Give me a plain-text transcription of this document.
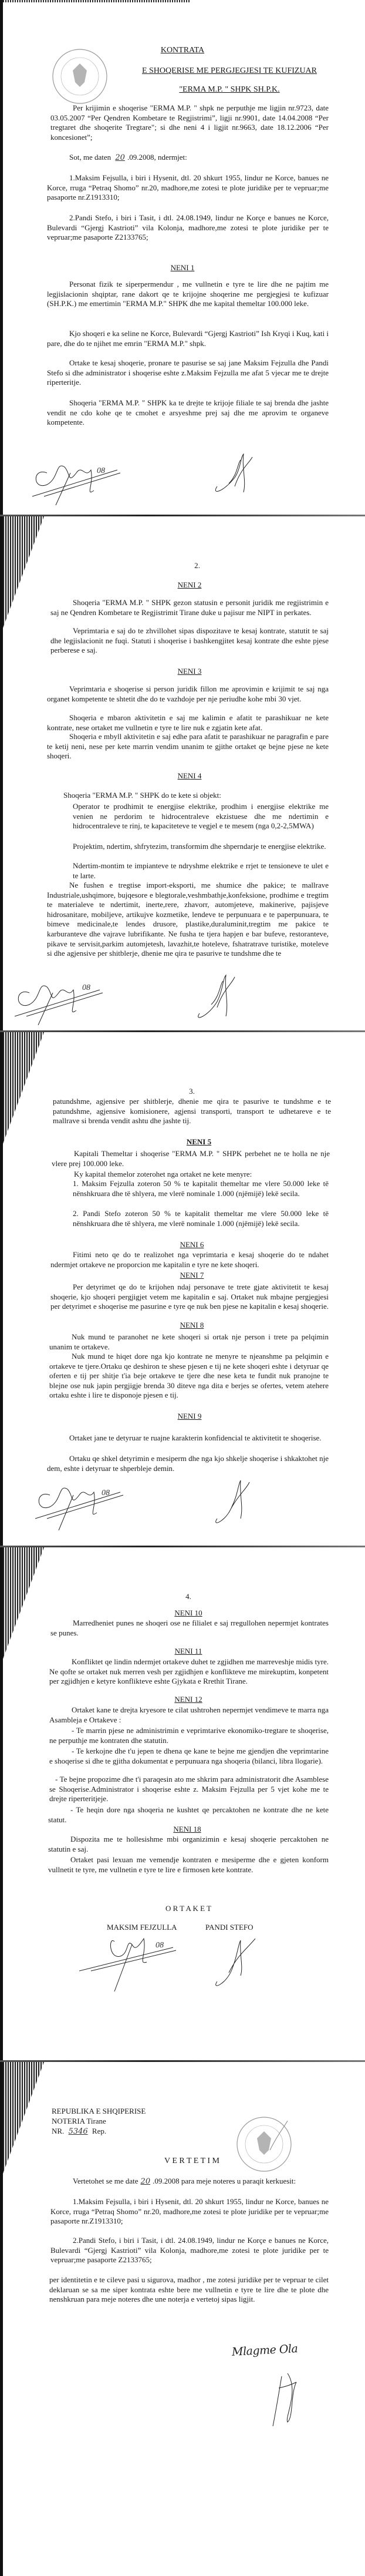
KONTRATA
E SHOQERISE ME PERGJEGJESI TE KUFIZUAR
"ERMA M.P. " SHPK SH.P.K.
Per krijimin e shoqerise "ERMA M.P. " shpk ne perputhje me ligjin nr.9723, date 03.05.2007 “Per Qendren Kombetare te Regjistrimi”, ligji nr.9901, date 14.04.2008 “Per tregtaret dhe shoqerite Tregtare"; si dhe neni 4 i ligjit nr.9663, date 18.12.2006 “Per koncesionet”;
Sot, me daten 20 .09.2008, ndermjet:
1.Maksim Fejsulla, i biri i Hysenit, dtl. 20 shkurt 1955, lindur ne Korce, banues ne Korce, rruga “Petraq Shomo” nr.20, madhore,me zotesi te plote juridike per te vepruar;me pasaporte nr.Z1913310;
2.Pandi Stefo, i biri i Tasit, i dtl. 24.08.1949, lindur ne Korçe e banues ne Korce, Bulevardi “Gjergj Kastrioti” vila Kolonja, madhore,me zotesi te plote juridike per te vepruar;me pasaporte Z2133765;
NENI 1
Personat fizik te siperpermendur , me vullnetin e tyre te lire dhe ne pajtim me legjislacionin shqiptar, rane dakort qe te krijojne shoqerine me pergjegjesi te kufizuar (SH.P.K.) me emertimin "ERMA M.P." SHPK dhe me kapital themeltar 100.000 leke.
Kjo shoqeri e ka seline ne Korce, Bulevardi “Gjergj Kastrioti” Ish Kryqi i Kuq, kati i pare, dhe do te njihet me emrin "ERMA M.P." shpk.
Ortake te kesaj shoqerie, pronare te pasurise se saj jane Maksim Fejzulla dhe Pandi Stefo si dhe administrator i shoqerise eshte z.Maksim Fejzulla me afat 5 vjecar me te drejte riperteritje.
Shoqeria "ERMA M.P. " SHPK ka te drejte te krijoje filiale te saj brenda dhe jashte vendit ne cdo kohe qe te cmohet e arsyeshme prej saj dhe me aprovim te organeve kompetente.
08
2.
NENI 2
Shoqeria "ERMA M.P. " SHPK gezon statusin e personit juridik me regjistrimin e saj ne Qendren Kombetare te Regjistrimit Tirane duke u pajisur me NIPT in perkates.
Veprimtaria e saj do te zhvillohet sipas dispozitave te kesaj kontrate, statutit te saj dhe legjislacionit ne fuqi. Statuti i shoqerise i bashkengjitet kesaj kontrate dhe eshte pjese perberese e saj.
NENI 3
Veprimtaria e shoqerise si person juridik fillon me aprovimin e krijimit te saj nga organet kompetente te shtetit dhe do te vazhdoje per nje periudhe kohe mbi 30 vjet.
Shoqeria e mbaron aktivitetin e saj me kalimin e afatit te parashikuar ne kete kontrate, nese ortaket me vullnetin e tyre te lire nuk e zgjatin kete afat.
Shoqeria e mbyll aktivitetin e saj edhe para afatit te parashikuar ne paragrafin e pare te ketij neni, nese per kete marrin vendim unanim te gjithe ortaket qe bejne pjese ne kete shoqeri.
NENI 4
Shoqeria "ERMA M.P. " SHPK do te kete si objekt:
Operator te prodhimit te energjise elektrike, prodhim i energjise elektrike me venien ne perdorim te hidrocentraleve ekzistuese dhe me ndertimin e hidrocentraleve te rinj, te kapaciteteve te vegjel e te mesem (nga 0,2-2,5MWA)
Projektim, ndertim, shfrytezim, transformim dhe shperndarje te energjise elektrike.
Ndertim-montim te impianteve te ndryshme elektrike e rrjet te tensioneve te ulet e te larte.
Ne fushen e tregtise import-eksporti, me shumice dhe pakice; te mallrave Industriale,ushqimore, bujqesore e blegtorale,veshmbathje,konfeksione, prodhime e tregtim te materialeve te ndertimit, inerte,rere, zhavorr, automjeteve, makinerive, pajisjeve hidrosanitare, mobiljeve, artikujve kozmetike, lendeve te perpunuara e te paperpunuara, te bimeve medicinale,te lendes drusore, plastike,duraluminit,tregtim me pakice te karburanteve dhe vajrave lubrifikante. Ne fusha te tjera hapjen e bar bufeve, restoranteve, pikave te servisit,parkim automjetesh, lavazhit,te hoteleve, fshatratrave turistike, moteleve si dhe agjensive per shitblerje, dhenie me qira te pasurive te tundshme dhe te
08
3.
patundshme, agjensive per shitblerje, dhenie me qira te pasurive te tundshme e te patundshme, agjensive komisionere, agjensi transporti, transport te udhetareve e te mallrave si brenda vendit ashtu dhe jashte tij.
NENI 5
Kapitali Themeltar i shoqerise "ERMA M.P. " SHPK perbehet ne te holla ne nje vlere prej 100.000 leke.
Ky kapital themelor zoterohet nga ortaket ne kete menyre:
1. Maksim Fejzulla zoteron 50 % te kapitalit themeltar me vlere 50.000 leke të nënshkruara dhe të shlyera, me vlerë nominale 1.000 (njëmijë) lekë secila.
2. Pandi Stefo zoteron 50 % te kapitalit themeltar me vlere 50.000 leke të nënshkruara dhe të shlyera, me vlerë nominale 1.000 (njëmijë) lekë secila.
NENI 6
Fitimi neto qe do te realizohet nga veprimtaria e kesaj shoqerie do te ndahet ndermjet ortakeve ne proporcion me kapitalin e tyre ne kete shoqeri.
NENI 7
Per detyrimet qe do te krijohen ndaj personave te trete gjate aktivitetit te kesaj shoqerie, kjo shoqeri pergjigjet vetem me kapitalin e saj. Ortaket nuk mbajne pergjegjesi per detyrimet e shoqerise me pasurine e tyre qe nuk ben pjese ne kapitalin e kesaj shoqerie.
NENI 8
Nuk mund te paranohet ne kete shoqeri si ortak nje person i trete pa pelqimin unanim te ortakeve.
Nuk mund te hiqet dore nga kjo kontrate ne menyre te njeanshme pa pelqimin e ortakeve te tjere.Ortaku qe deshiron te shese pjesen e tij ne kete shoqeri eshte i detyruar qe oferten e tij per shitje t'ia beje ortakeve te tjere dhe nese keta te fundit nuk pranojne te blejne ose nuk japin pergjigje brenda 30 diteve nga dita e berjes se ofertes, vetem atehere ortaku eshte i lire te disponoje pjesen e tij.
NENI 9
Ortaket jane te detyruar te ruajne karakterin konfidencial te aktivitetit te shoqerise.
Ortaku qe shkel detyrimin e mesiperm dhe nga kjo shkelje shoqerise i shkaktohet nje dem, eshte i detyruar te shperbleje demin.
08
4.
NENI 10
Marredheniet punes ne shoqeri ose ne filialet e saj rregullohen nepermjet kontrates se punes.
NENI 11
Konfliktet qe lindin ndermjet ortakeve duhet te zgjidhen me marreveshje midis tyre. Ne qofte se ortaket nuk merren vesh per zgjidhjen e konflikteve me mirekuptim, konpetent per zgjidhjen e ketyre konflikteve eshte Gjykata e Rrethit Tirane.
NENI 12
Ortaket kane te drejta kryesore te cilat ushtrohen nepermjet vendimeve te marra nga Asambleja e Ortakeve :
- Te marrin pjese ne administrimin e veprimtarive ekonomiko-tregtare te shoqerise, ne perputhje me kontraten dhe statutin.
- Te kerkojne dhe t'u jepen te dhena qe kane te bejne me gjendjen dhe veprimtarine e shoqerise si dhe te gjitha dokumentat e perpunuara nga shoqeria (bilanci, libra llogarie).
- Te bejne propozime dhe t'i paraqesin ato me shkrim para administratorit dhe Asamblese se Shoqerise.Administrator i shoqerise eshte z. Maksim Fejzulla per 5 vjet kohe me te drejte riperteritjeje.
- Te heqin dore nga shoqeria ne kushtet qe percaktohen ne kontrate dhe ne kete statut.
NENI 18
Dispozita me te hollesishme mbi organizimin e kesaj shoqerie percaktohen ne statutin e saj.
Ortaket pasi lexuan me vemendje kontraten e mesiperme dhe e gjeten konform vullnetit te tyre, me vullnetin e tyre te lire e firmosen kete kontrate.
O R T A K E T
MAKSIM FEJZULLA	PANDI STEFO
08
REPUBLIKA E SHQIPERISE
NOTERIA Tirane
NR. 5346 Rep.
V E R T E T I M
Vertetohet se me date 20 .09.2008 para meje noteres u paraqit kerkuesit:
1.Maksim Fejsulla, i biri i Hysenit, dtl. 20 shkurt 1955, lindur ne Korce, banues ne Korce, rruga “Petraq Shomo” nr.20, madhore,me zotesi te plote juridike per te vepruar;me pasaporte nr.Z1913310;
2.Pandi Stefo, i biri i Tasit, i dtl. 24.08.1949, lindur ne Korçe e banues ne Korce, Bulevardi “Gjergj Kastrioti” vila Kolonja, madhore,me zotesi te plote juridike per te vepruar;me pasaporte Z2133765;
per identitetin e te cileve pasi u sigurova, madhor , me zotesi juridike per te vepruar te cilet deklaruan se sa me siper kontrata eshte bere me vullnetin e tyre te lire dhe te plote dhe nenshkruan para meje noteres dhe une noterja e vertetoj sipas ligjit.
Mlagme Ola
